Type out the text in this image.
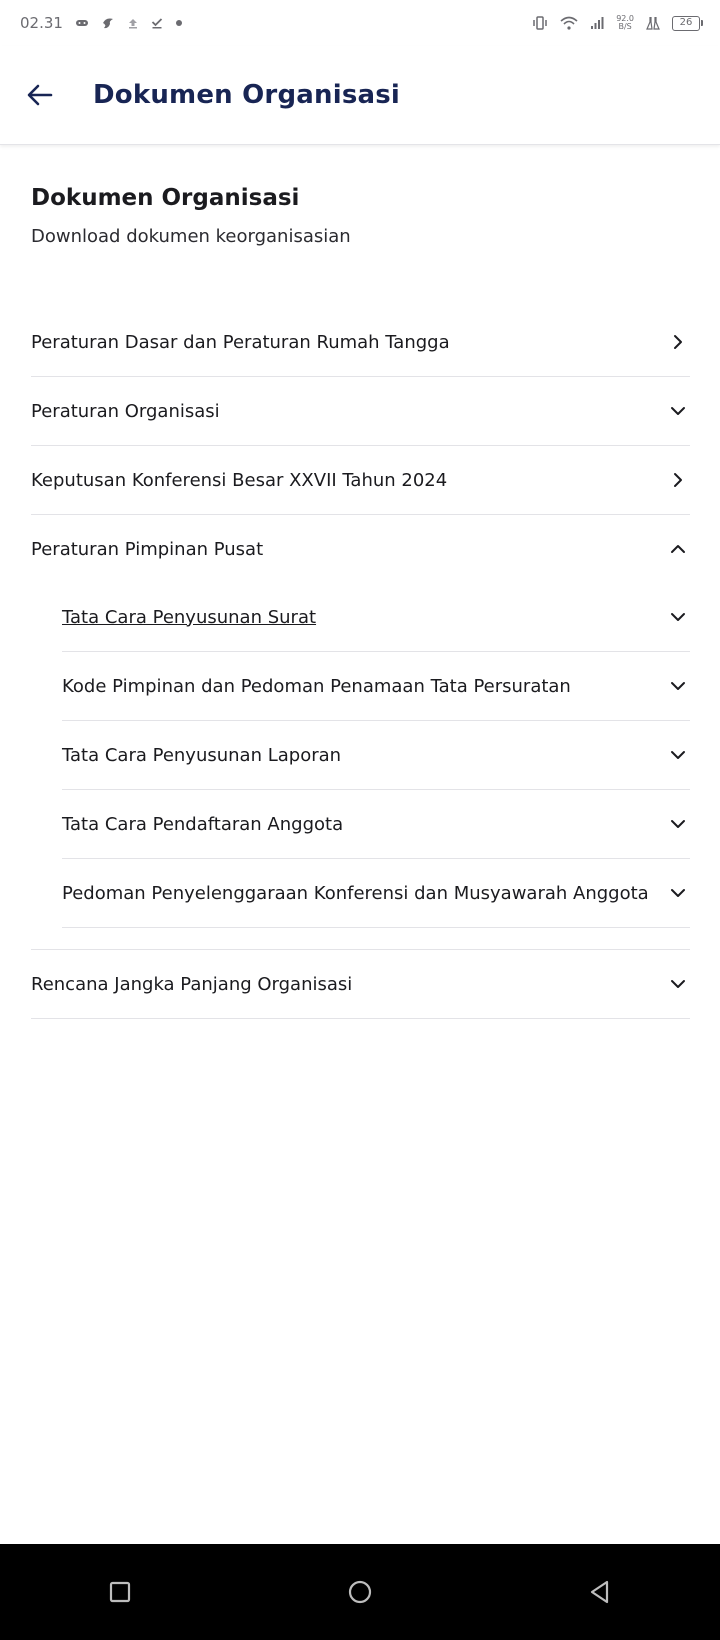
02.31	92.0
B/S	26
Dokumen Organisasi
Dokumen Organisasi
Download dokumen keorganisasian
Peraturan Dasar dan Peraturan Rumah Tangga
Peraturan Organisasi
Keputusan Konferensi Besar XXVII Tahun 2024
Peraturan Pimpinan Pusat
Tata Cara Penyusunan Surat
Kode Pimpinan dan Pedoman Penamaan Tata Persuratan
Tata Cara Penyusunan Laporan
Tata Cara Pendaftaran Anggota
Pedoman Penyelenggaraan Konferensi dan Musyawarah Anggota
Rencana Jangka Panjang Organisasi
